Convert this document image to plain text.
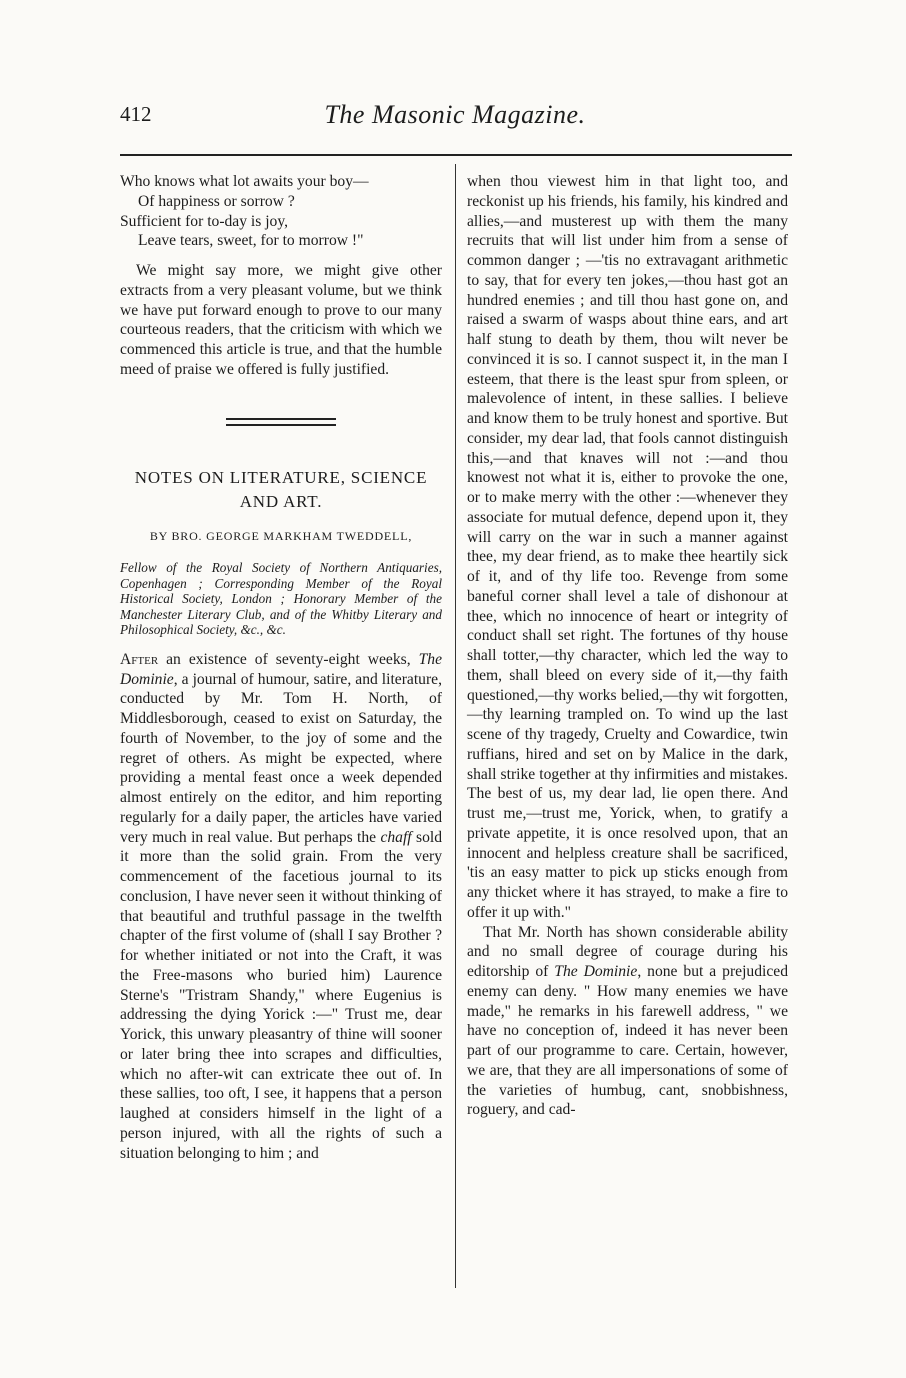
412	The Masonic Magazine.
Who knows what lot awaits your boy—
Of happiness or sorrow ?
Sufficient for to-day is joy,
Leave tears, sweet, for to morrow !"

We might say more, we might give other extracts from a very pleasant volume, but we think we have put forward enough to prove to our many courteous readers, that the criticism with which we commenced this article is true, and that the humble meed of praise we offered is fully justified.

NOTES ON LITERATURE, SCIENCE
AND ART.
BY BRO. GEORGE MARKHAM TWEDDELL,
Fellow of the Royal Society of Northern Antiquaries, Copenhagen ; Corresponding Member of the Royal Historical Society, London ; Honorary Member of the Manchester Literary Club, and of the Whitby Literary and Philosophical Society, &c., &c.

After an existence of seventy-eight weeks, The Dominie, a journal of humour, satire, and literature, conducted by Mr. Tom H. North, of Middlesborough, ceased to exist on Saturday, the fourth of November, to the joy of some and the regret of others. As might be expected, where providing a mental feast once a week depended almost entirely on the editor, and him reporting regularly for a daily paper, the articles have varied very much in real value. But perhaps the chaff sold it more than the solid grain. From the very commencement of the facetious journal to its conclusion, I have never seen it without thinking of that beautiful and truthful passage in the twelfth chapter of the first volume of (shall I say Brother ? for whether initiated or not into the Craft, it was the Free-masons who buried him) Laurence Sterne's "Tristram Shandy," where Eugenius is addressing the dying Yorick :—" Trust me, dear Yorick, this unwary pleasantry of thine will sooner or later bring thee into scrapes and difficulties, which no after-wit can extricate thee out of. In these sallies, too oft, I see, it happens that a person laughed at considers himself in the light of a person injured, with all the rights of such a situation belonging to him ; and

when thou viewest him in that light too, and reckonist up his friends, his family, his kindred and allies,—and musterest up with them the many recruits that will list under him from a sense of common danger ; —'tis no extravagant arithmetic to say, that for every ten jokes,—thou hast got an hundred enemies ; and till thou hast gone on, and raised a swarm of wasps about thine ears, and art half stung to death by them, thou wilt never be convinced it is so. I cannot suspect it, in the man I esteem, that there is the least spur from spleen, or malevolence of intent, in these sallies. I believe and know them to be truly honest and sportive. But consider, my dear lad, that fools cannot distinguish this,—and that knaves will not :—and thou knowest not what it is, either to provoke the one, or to make merry with the other :—whenever they associate for mutual defence, depend upon it, they will carry on the war in such a manner against thee, my dear friend, as to make thee heartily sick of it, and of thy life too. Revenge from some baneful corner shall level a tale of dishonour at thee, which no innocence of heart or integrity of conduct shall set right. The fortunes of thy house shall totter,—thy character, which led the way to them, shall bleed on every side of it,—thy faith questioned,—thy works belied,—thy wit forgotten,—thy learning trampled on. To wind up the last scene of thy tragedy, Cruelty and Cowardice, twin ruffians, hired and set on by Malice in the dark, shall strike together at thy infirmities and mistakes. The best of us, my dear lad, lie open there. And trust me,—trust me, Yorick, when, to gratify a private appetite, it is once resolved upon, that an innocent and helpless creature shall be sacrificed, 'tis an easy matter to pick up sticks enough from any thicket where it has strayed, to make a fire to offer it up with."

That Mr. North has shown considerable ability and no small degree of courage during his editorship of The Dominie, none but a prejudiced enemy can deny. " How many enemies we have made," he remarks in his farewell address, " we have no conception of, indeed it has never been part of our programme to care. Certain, however, we are, that they are all impersonations of some of the varieties of humbug, cant, snobbishness, roguery, and cad-
